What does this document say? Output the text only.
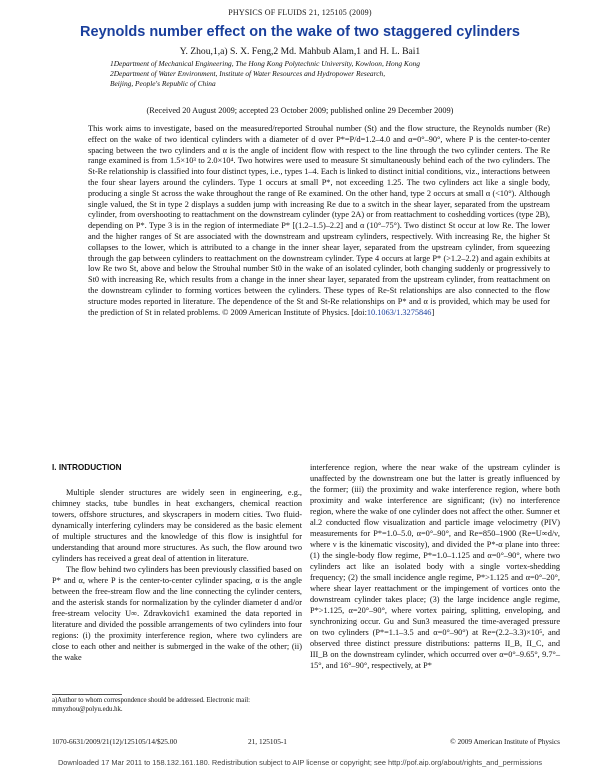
PHYSICS OF FLUIDS 21, 125105 (2009)
Reynolds number effect on the wake of two staggered cylinders
Y. Zhou,1,a) S. X. Feng,2 Md. Mahbub Alam,1 and H. L. Bai1
1Department of Mechanical Engineering, The Hong Kong Polytechnic University, Kowloon, Hong Kong
2Department of Water Environment, Institute of Water Resources and Hydropower Research,
Beijing, People's Republic of China
(Received 20 August 2009; accepted 23 October 2009; published online 29 December 2009)
This work aims to investigate, based on the measured/reported Strouhal number (St) and the flow structure, the Reynolds number (Re) effect on the wake of two identical cylinders with a diameter of d over P*=P/d=1.2–4.0 and α=0°–90°, where P is the center-to-center spacing between the two cylinders and α is the angle of incident flow with respect to the line through the two cylinder centers. The Re range examined is from 1.5×10³ to 2.0×10⁴. Two hotwires were used to measure St simultaneously behind each of the two cylinders. The St-Re relationship is classified into four distinct types, i.e., types 1–4. Each is linked to distinct initial conditions, viz., interactions between the four shear layers around the cylinders. Type 1 occurs at small P*, not exceeding 1.25. The two cylinders act like a single body, producing a single St across the wake throughout the range of Re examined. On the other hand, type 2 occurs at small α (<10°). Although single valued, the St in type 2 displays a sudden jump with increasing Re due to a switch in the shear layer, separated from the upstream cylinder, from overshooting to reattachment on the downstream cylinder (type 2A) or from reattachment to coshedding vortices (type 2B), depending on P*. Type 3 is in the region of intermediate P* [(1.2–1.5)–2.2] and α (10°–75°). Two distinct St occur at low Re. The lower and the higher ranges of St are associated with the downstream and upstream cylinders, respectively. With increasing Re, the higher St collapses to the lower, which is attributed to a change in the inner shear layer, separated from the upstream cylinder, from squeezing through the gap between cylinders to reattachment on the downstream cylinder. Type 4 occurs at large P* (>1.2–2.2) and again exhibits at low Re two St, above and below the Strouhal number St0 in the wake of an isolated cylinder, both changing suddenly or progressively to St0 with increasing Re, which results from a change in the inner shear layer, separated from the upstream cylinder, from reattachment on the downstream cylinder to forming vortices between the cylinders. These types of Re-St relationships are also connected to the flow structure modes reported in literature. The dependence of the St and St-Re relationships on P* and α is provided, which may be used for the prediction of St in related problems. © 2009 American Institute of Physics. [doi:10.1063/1.3275846]
I. INTRODUCTION

Multiple slender structures are widely seen in engineering, e.g., chimney stacks, tube bundles in heat exchangers, chemical reaction towers, offshore structures, and skyscrapers in modern cities. Two fluid-dynamically interfering cylinders may be considered as the basic element of multiple structures and the knowledge of this flow is insightful for understanding that around more structures. As such, the flow around two cylinders has received a great deal of attention in literature.

The flow behind two cylinders has been previously classified based on P* and α, where P is the center-to-center cylinder spacing, α is the angle between the free-stream flow and the line connecting the cylinder centers, and the asterisk stands for normalization by the cylinder diameter d and/or free-stream velocity U∞. Zdravkovich1 examined the data reported in literature and divided the possible arrangements of two cylinders into four regions: (i) the proximity interference region, where two cylinders are close to each other and neither is submerged in the wake of the other; (ii) the wake

interference region, where the near wake of the upstream cylinder is unaffected by the downstream one but the latter is greatly influenced by the former; (iii) the proximity and wake interference region, where both proximity and wake interference are significant; (iv) no interference region, where the wake of one cylinder does not affect the other. Sumner et al.2 conducted flow visualization and particle image velocimetry (PIV) measurements for P*=1.0–5.0, α=0°–90°, and Re=850–1900 (Re=U∞d/ν, where ν is the kinematic viscosity), and divided the P*-α plane into three: (1) the single-body flow regime, P*=1.0–1.125 and α=0°–90°, where two cylinders act like an isolated body with a single vortex-shedding frequency; (2) the small incidence angle regime, P*>1.125 and α=0°–20°, where shear layer reattachment or the impingement of vortices onto the downstream cylinder takes place; (3) the large incidence angle regime, P*>1.125, α=20°–90°, where vortex pairing, splitting, enveloping, and synchronizing occur. Gu and Sun3 measured the time-averaged pressure on two cylinders (P*=1.1–3.5 and α=0°–90°) at Re=(2.2–3.3)×10⁵, and observed three distinct pressure distributions: patterns II_B, II_C, and III_B on the downstream cylinder, which occurred over α=0°–9.65°, 9.7°–15°, and 16°–90°, respectively, at P*

a)Author to whom correspondence should be addressed. Electronic mail: mmyzhou@polyu.edu.hk.
1070-6631/2009/21(12)/125105/14/$25.00	21, 125105-1	© 2009 American Institute of Physics
Downloaded 17 Mar 2011 to 158.132.161.180. Redistribution subject to AIP license or copyright; see http://pof.aip.org/about/rights_and_permissions
